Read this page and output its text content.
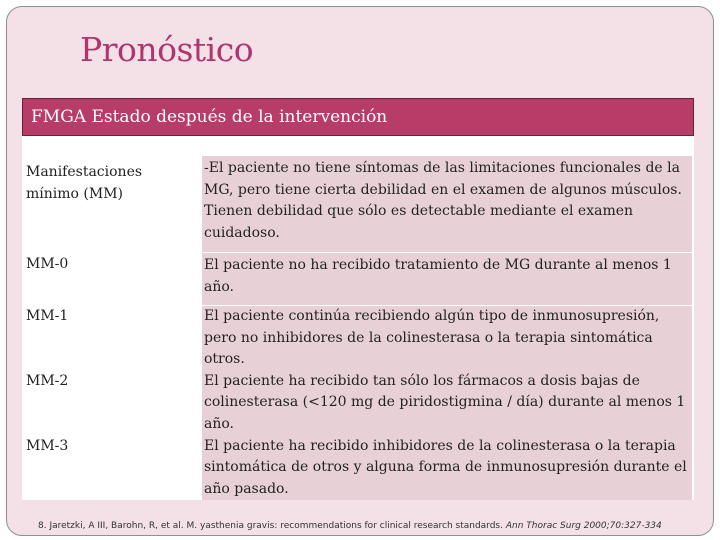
Pronóstico
FMGA Estado después de la intervención
Manifestaciones mínimo (MM)
-El paciente no tiene síntomas de las limitaciones funcionales de la MG, pero tiene cierta debilidad en el examen de algunos músculos. Tienen debilidad que sólo es detectable mediante el examen cuidadoso.
MM-0	El paciente no ha recibido tratamiento de MG durante al menos 1 año.
MM-1
MM-2
MM-3
El paciente continúa recibiendo algún tipo de inmunosupresión, pero no inhibidores de la colinesterasa o la terapia sintomática otros.
El paciente ha recibido tan sólo los fármacos a dosis bajas de colinesterasa (<120 mg de piridostigmina / día) durante al menos 1 año.
El paciente ha recibido inhibidores de la colinesterasa o la terapia sintomática de otros y alguna forma de inmunosupresión durante el año pasado.
8. Jaretzki, A III, Barohn, R, et al. M. yasthenia gravis: recommendations for clinical research standards. Ann Thorac Surg 2000;70:327-334
